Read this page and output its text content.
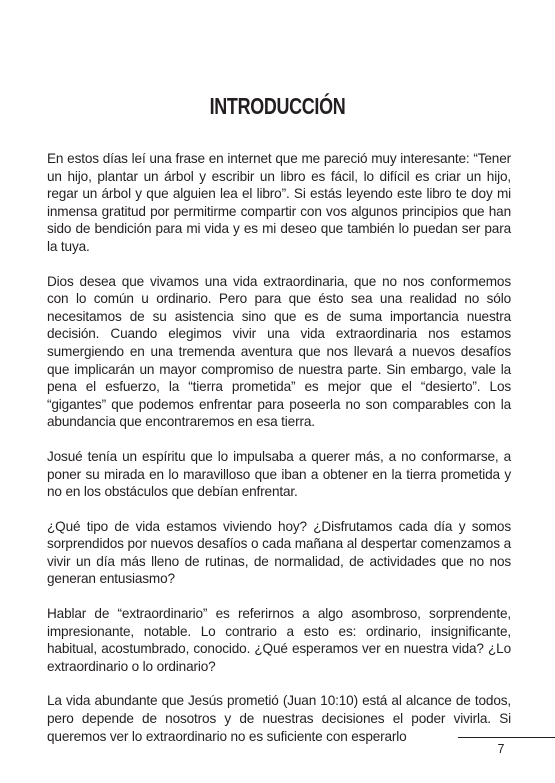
INTRODUCCIÓN

En estos días leí una frase en internet que me pareció muy interesante: “Tener un hijo, plantar un árbol y escribir un libro es fácil, lo difícil es criar un hijo, regar un árbol y que alguien lea el libro”. Si estás leyendo este libro te doy mi inmensa gratitud por permitirme compartir con vos algunos principios que han sido de bendición para mi vida y es mi deseo que también lo puedan ser para la tuya.

Dios desea que vivamos una vida extraordinaria, que no nos conformemos con lo común u ordinario. Pero para que ésto sea una realidad no sólo necesitamos de su asistencia sino que es de suma importancia nuestra decisión. Cuando elegimos vivir una vida extraordinaria nos estamos sumergiendo en una tremenda aventura que nos llevará a nuevos desafíos que implicarán un mayor compromiso de nuestra parte. Sin embargo, vale la pena el esfuerzo, la “tierra prometida” es mejor que el “desierto”. Los “gigantes” que podemos enfrentar para poseerla no son comparables con la abundancia que encontraremos en esa tierra.

Josué tenía un espíritu que lo impulsaba a querer más, a no conformarse, a poner su mirada en lo maravilloso que iban a obtener en la tierra prometida y no en los obstáculos que debían enfrentar.

¿Qué tipo de vida estamos viviendo hoy? ¿Disfrutamos cada día y somos sorprendidos por nuevos desafíos o cada mañana al despertar comenzamos a vivir un día más lleno de rutinas, de normalidad, de actividades que no nos generan entusiasmo?

Hablar de “extraordinario” es referirnos a algo asombroso, sorprendente, impresionante, notable. Lo contrario a esto es: ordinario, insignificante, habitual, acostumbrado, conocido. ¿Qué esperamos ver en nuestra vida? ¿Lo extraordinario o lo ordinario?

La vida abundante que Jesús prometió (Juan 10:10) está al alcance de todos, pero depende de nosotros y de nuestras decisiones el poder vivirla. Si queremos ver lo extraordinario no es suficiente con esperarlo

7
